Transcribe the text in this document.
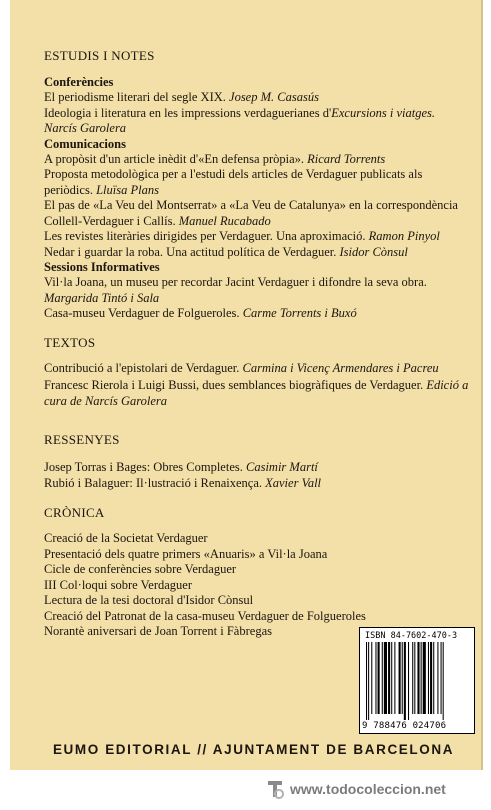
ESTUDIS I NOTES
Conferències
El periodisme literari del segle XIX. Josep M. Casasús
Ideologia i literatura en les impressions verdaguerianes d'Excursions i viatges. Narcís Garolera
Comunicacions
A propòsit d'un article inèdit d'«En defensa pròpia». Ricard Torrents
Proposta metodològica per a l'estudi dels articles de Verdaguer publicats als periòdics. Lluïsa Plans
El pas de «La Veu del Montserrat» a «La Veu de Catalunya» en la correspondència Collell-Verdaguer i Callís. Manuel Rucabado
Les revistes literàries dirigides per Verdaguer. Una aproximació. Ramon Pinyol
Nedar i guardar la roba. Una actitud política de Verdaguer. Isidor Cònsul
Sessions Informatives
Vil·la Joana, un museu per recordar Jacint Verdaguer i difondre la seva obra. Margarida Tintó i Sala
Casa-museu Verdaguer de Folgueroles. Carme Torrents i Buxó
TEXTOS
Contribució a l'epistolari de Verdaguer. Carmina i Vicenç Armendares i Pacreu
Francesc Rierola i Luigi Bussi, dues semblances biogràfiques de Verdaguer. Edició a cura de Narcís Garolera
RESSENYES
Josep Torras i Bages: Obres Completes. Casimir Martí
Rubió i Balaguer: Il·lustració i Renaixença. Xavier Vall
CRÒNICA
Creació de la Societat Verdaguer
Presentació dels quatre primers «Anuaris» a Vil·la Joana
Cicle de conferències sobre Verdaguer
III Col·loqui sobre Verdaguer
Lectura de la tesi doctoral d'Isidor Cònsul
Creació del Patronat de la casa-museu Verdaguer de Folgueroles
Norantè aniversari de Joan Torrent i Fàbregas	ISBN 84-7602-470-3
9 788476 024706
EUMO EDITORIAL // AJUNTAMENT DE BARCELONA
www.todocoleccion.net
